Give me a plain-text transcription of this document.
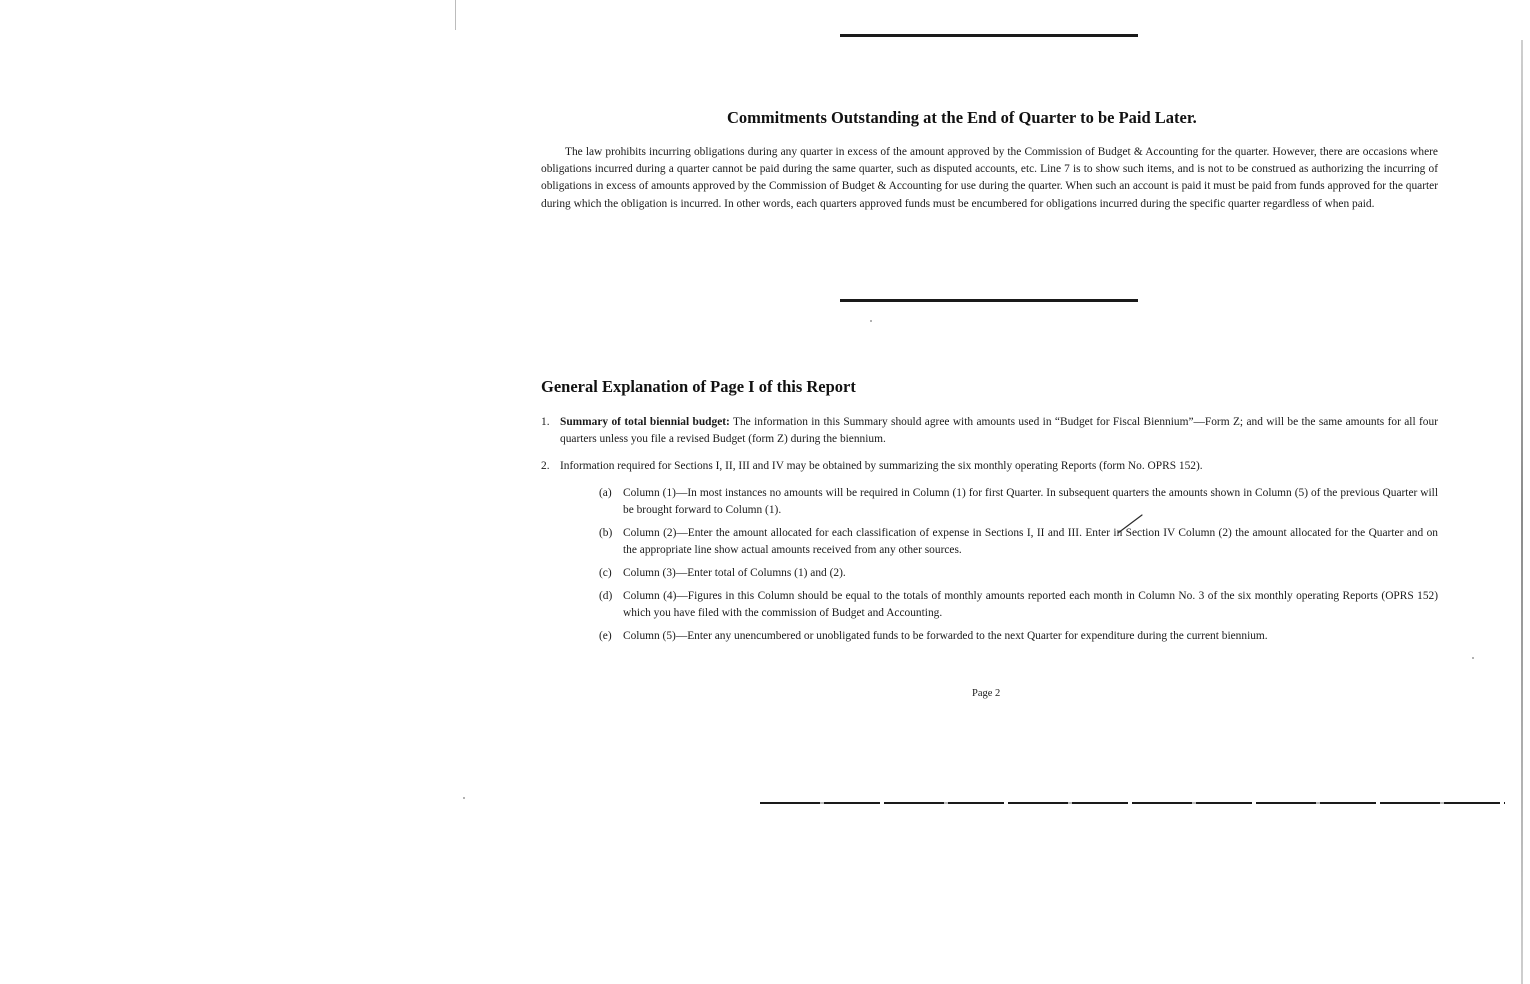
Commitments Outstanding at the End of Quarter to be Paid Later.

The law prohibits incurring obligations during any quarter in excess of the amount approved by the Commission of Budget & Accounting for the quarter. However, there are occasions where obligations incurred during a quarter cannot be paid during the same quarter, such as disputed accounts, etc. Line 7 is to show such items, and is not to be construed as authorizing the incurring of obligations in excess of amounts approved by the Commission of Budget & Accounting for use during the quarter. When such an account is paid it must be paid from funds approved for the quarter during which the obligation is incurred. In other words, each quarters approved funds must be encumbered for obligations incurred during the specific quarter regardless of when paid.

General Explanation of Page I of this Report
1. Summary of total biennial budget: The information in this Summary should agree with amounts used in “Budget for Fiscal Biennium”—Form Z; and will be the same amounts for all four quarters unless you file a revised Budget (form Z) during the biennium.
2. Information required for Sections I, II, III and IV may be obtained by summarizing the six monthly operating Reports (form No. OPRS 152).
(a) Column (1)—In most instances no amounts will be required in Column (1) for first Quarter. In subsequent quarters the amounts shown in Column (5) of the previous Quarter will be brought forward to Column (1).
(b) Column (2)—Enter the amount allocated for each classification of expense in Sections I, II and III. Enter in Section IV Column (2) the amount allocated for the Quarter and on the appropriate line show actual amounts received from any other sources.
(c) Column (3)—Enter total of Columns (1) and (2).
(d) Column (4)—Figures in this Column should be equal to the totals of monthly amounts reported each month in Column No. 3 of the six monthly operating Reports (OPRS 152) which you have filed with the commission of Budget and Accounting.
(e) Column (5)—Enter any unencumbered or unobligated funds to be forwarded to the next Quarter for expenditure during the current biennium.

Page 2
